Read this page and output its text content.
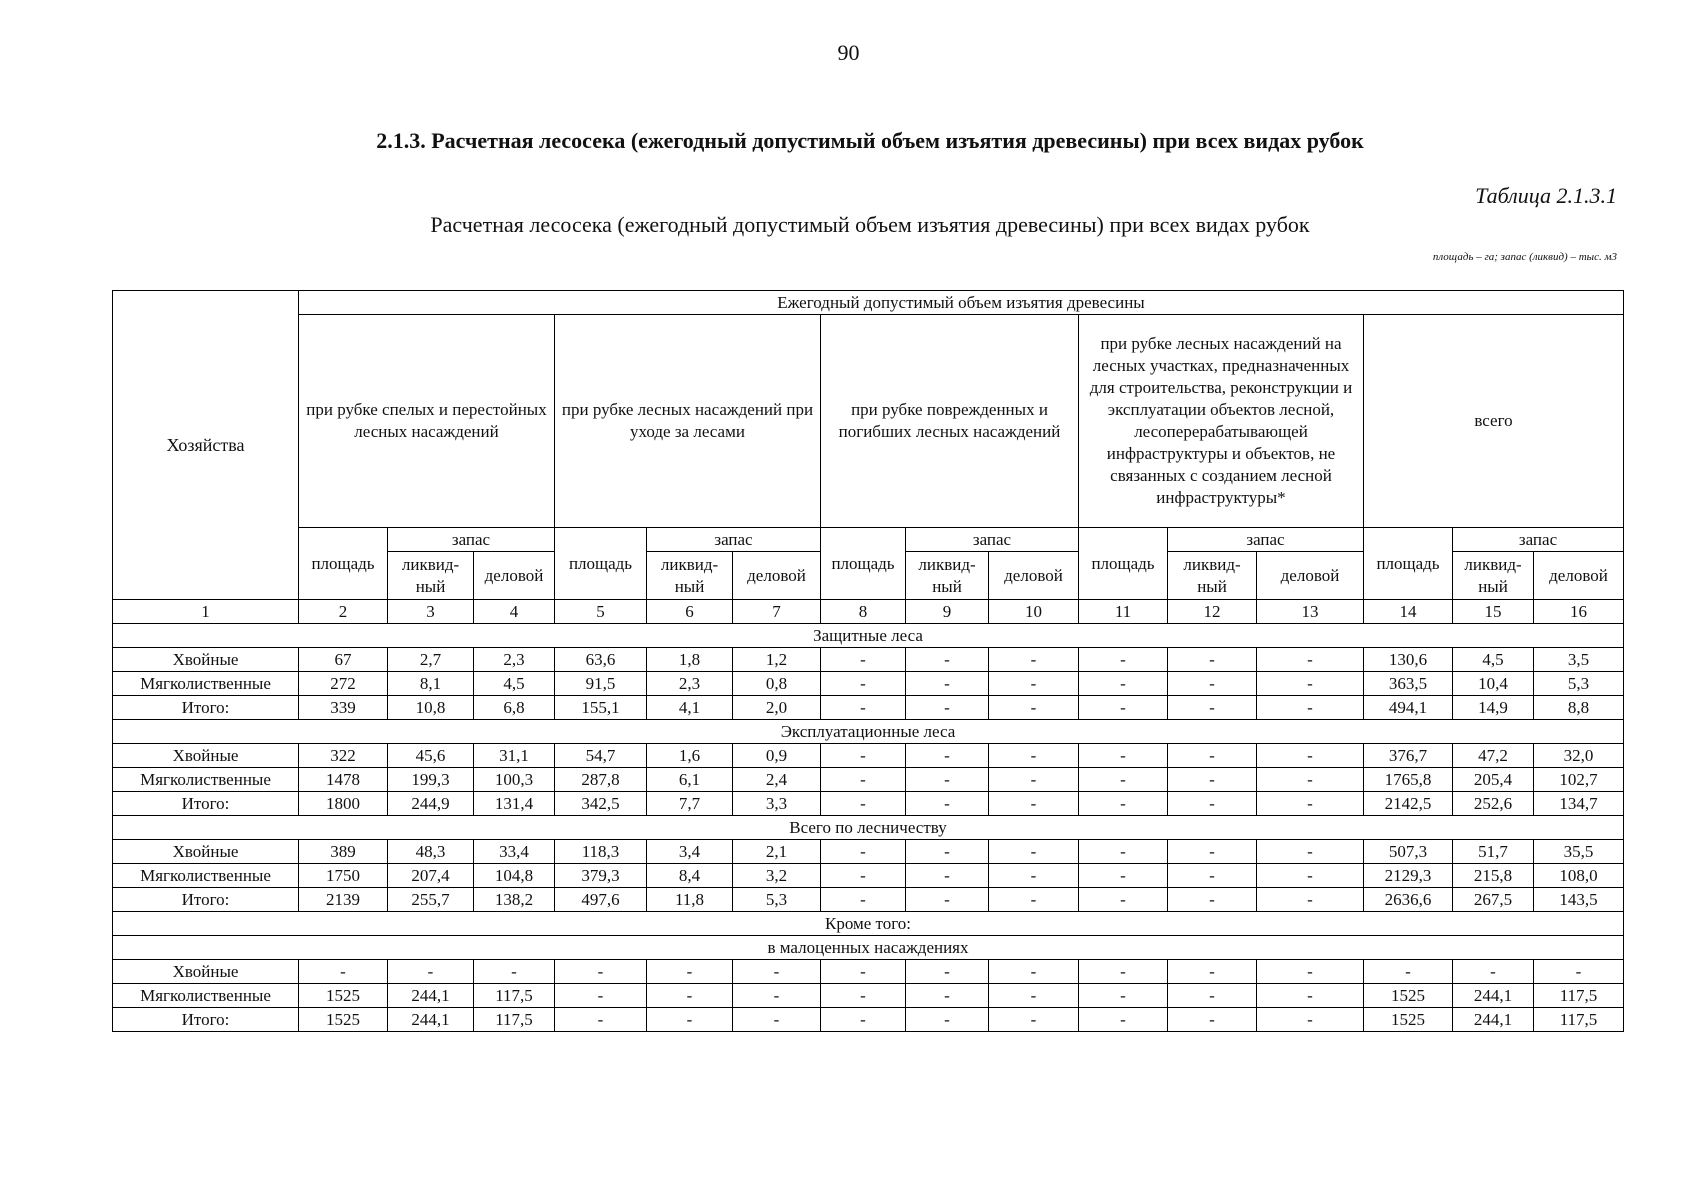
90
2.1.3. Расчетная лесосека (ежегодный допустимый объем изъятия древесины) при всех видах рубок
Таблица 2.1.3.1
Расчетная лесосека (ежегодный допустимый объем изъятия древесины) при всех видах рубок
площадь – га; запас (ликвид) – тыс. м3
Хозяйства	Ежегодный допустимый объем изъятия древесины														
	при рубке спелых и перестойных лесных насаждений			при рубке лесных насаждений при уходе за лесами			при рубке поврежденных и погибших лесных насаждений			при рубке лесных насаждений на лесных участках, предназначенных для строительства, реконструкции и эксплуатации объектов лесной, лесоперерабатывающей инфраструктуры и объектов, не связанных с созданием лесной инфраструктуры*			всего		
	площадь	запас		площадь	запас		площадь	запас		площадь	запас		площадь	запас	
		ликвид-ный	деловой		ликвид-ный	деловой		ликвид-ный	деловой		ликвид-ный	деловой		ликвид-ный	деловой
1	2	3	4	5	6	7	8	9	10	11	12	13	14	15	16
Защитные леса															
Хвойные	67	2,7	2,3	63,6	1,8	1,2	-	-	-	-	-	-	130,6	4,5	3,5
Мягколиственные	272	8,1	4,5	91,5	2,3	0,8	-	-	-	-	-	-	363,5	10,4	5,3
Итого:	339	10,8	6,8	155,1	4,1	2,0	-	-	-	-	-	-	494,1	14,9	8,8
Эксплуатационные леса															
Хвойные	322	45,6	31,1	54,7	1,6	0,9	-	-	-	-	-	-	376,7	47,2	32,0
Мягколиственные	1478	199,3	100,3	287,8	6,1	2,4	-	-	-	-	-	-	1765,8	205,4	102,7
Итого:	1800	244,9	131,4	342,5	7,7	3,3	-	-	-	-	-	-	2142,5	252,6	134,7
Всего по лесничеству															
Хвойные	389	48,3	33,4	118,3	3,4	2,1	-	-	-	-	-	-	507,3	51,7	35,5
Мягколиственные	1750	207,4	104,8	379,3	8,4	3,2	-	-	-	-	-	-	2129,3	215,8	108,0
Итого:	2139	255,7	138,2	497,6	11,8	5,3	-	-	-	-	-	-	2636,6	267,5	143,5
Кроме того:															
в малоценных насаждениях															
Хвойные	-	-	-	-	-	-	-	-	-	-	-	-	-	-	-
Мягколиственные	1525	244,1	117,5	-	-	-	-	-	-	-	-	-	1525	244,1	117,5
Итого:	1525	244,1	117,5	-	-	-	-	-	-	-	-	-	1525	244,1	117,5
